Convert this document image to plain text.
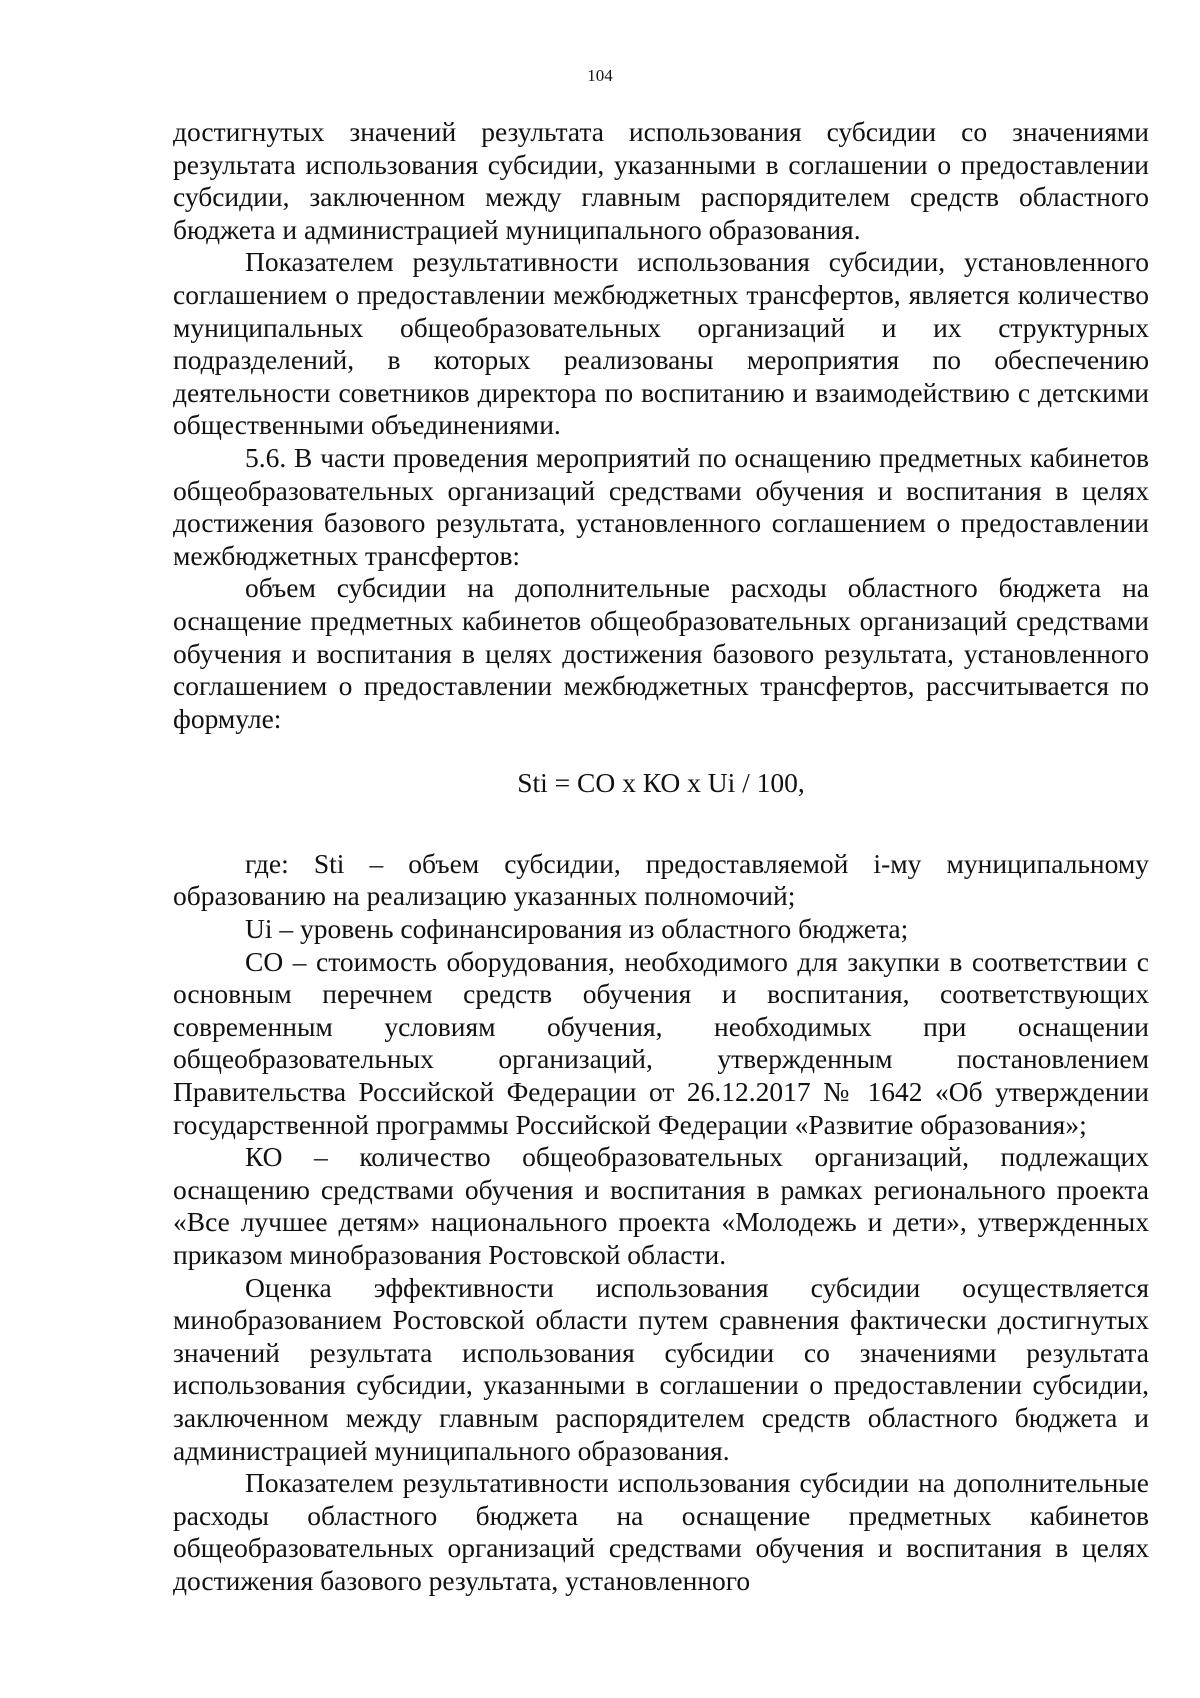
104

достигнутых значений результата использования субсидии со значениями результата использования субсидии, указанными в соглашении о предоставлении субсидии, заключенном между главным распорядителем средств областного бюджета и администрацией муниципального образования.

Показателем результативности использования субсидии, установленного соглашением о предоставлении межбюджетных трансфертов, является количество муниципальных общеобразовательных организаций и их структурных подразделений, в которых реализованы мероприятия по обеспечению деятельности советников директора по воспитанию и взаимодействию с детскими общественными объединениями.

5.6. В части проведения мероприятий по оснащению предметных кабинетов общеобразовательных организаций средствами обучения и воспитания в целях достижения базового результата, установленного соглашением о предоставлении межбюджетных трансфертов:

объем субсидии на дополнительные расходы областного бюджета на оснащение предметных кабинетов общеобразовательных организаций средствами обучения и воспитания в целях достижения базового результата, установленного соглашением о предоставлении межбюджетных трансфертов, рассчитывается по формуле:

Sti = СО х КО х Ui / 100,

где: Sti – объем субсидии, предоставляемой i-му муниципальному образованию на реализацию указанных полномочий;

Ui – уровень софинансирования из областного бюджета;

СО – стоимость оборудования, необходимого для закупки в соответствии с основным перечнем средств обучения и воспитания, соответствующих современным условиям обучения, необходимых при оснащении общеобразовательных организаций, утвержденным постановлением Правительства Российской Федерации от 26.12.2017 № 1642 «Об утверждении государственной программы Российской Федерации «Развитие образования»;

КО – количество общеобразовательных организаций, подлежащих оснащению средствами обучения и воспитания в рамках регионального проекта «Все лучшее детям» национального проекта «Молодежь и дети», утвержденных приказом минобразования Ростовской области.

Оценка эффективности использования субсидии осуществляется минобразованием Ростовской области путем сравнения фактически достигнутых значений результата использования субсидии со значениями результата использования субсидии, указанными в соглашении о предоставлении субсидии, заключенном между главным распорядителем средств областного бюджета и администрацией муниципального образования.

Показателем результативности использования субсидии на дополнительные расходы областного бюджета на оснащение предметных кабинетов общеобразовательных организаций средствами обучения и воспитания в целях достижения базового результата, установленного
